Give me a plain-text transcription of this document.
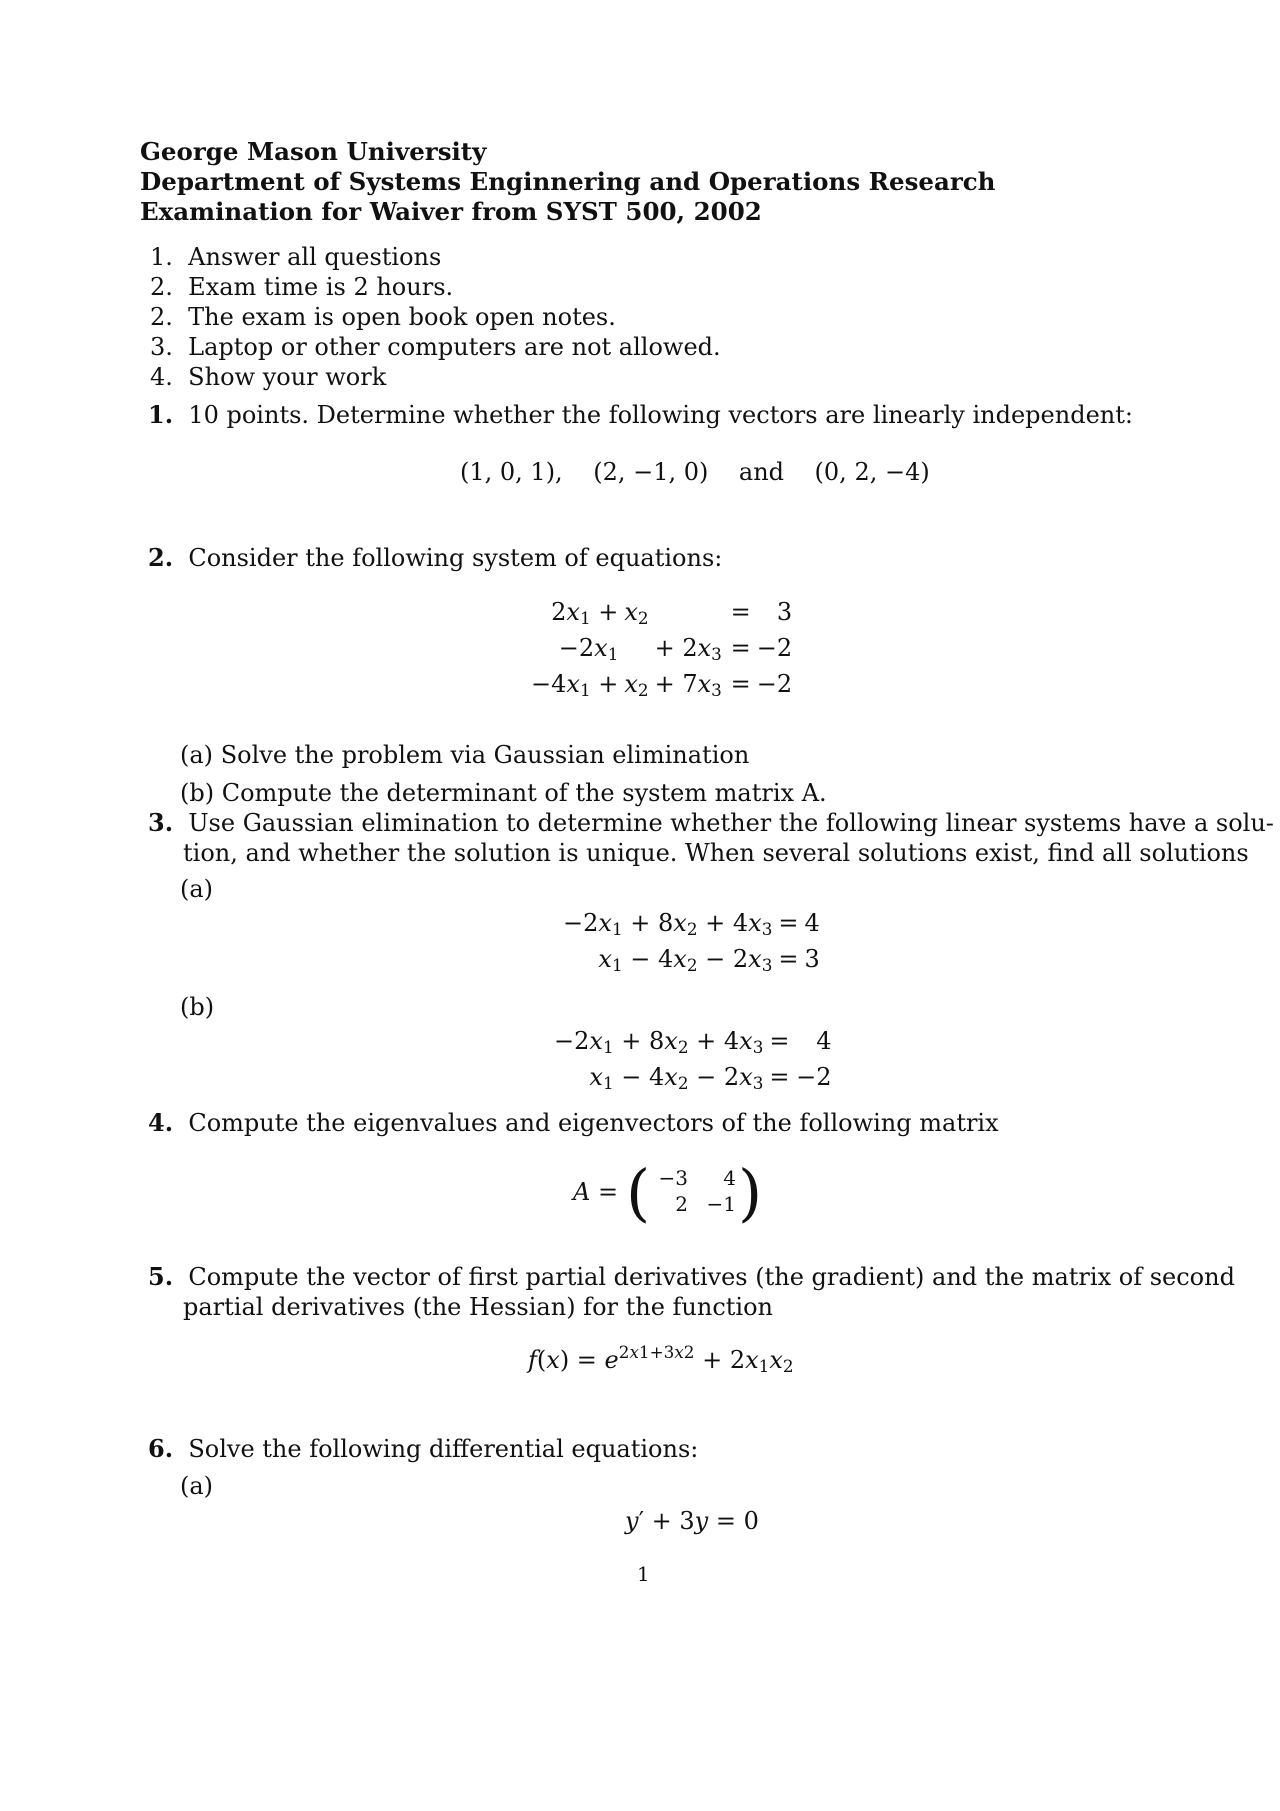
George Mason University
Department of Systems Enginnering and Operations Research
Examination for Waiver from SYST 500, 2002
1. Answer all questions
2. Exam time is 2 hours.
2. The exam is open book open notes.
3. Laptop or other computers are not allowed.
4. Show your work
1. 10 points. Determine whether the following vectors are linearly independent:
(1, 0, 1), (2, −1, 0) and (0, 2, −4)
2. Consider the following system of equations:
$2x_1$ +	$x_2$		=	3
$-2x_1$		+ $2x_3$	=	−2
$-4x_1$ +	$x_2$	+ $7x_3$	=	−2
(a) Solve the problem via Gaussian elimination
(b) Compute the determinant of the system matrix A.
3. Use Gaussian elimination to determine whether the following linear systems have a solu-
tion, and whether the solution is unique. When several solutions exist, find all solutions
(a)
$-2x_1 + 8x_2 + 4x_3$	=	4
$x_1 - 4x_2 - 2x_3$	=	3
(b)
$-2x_1 + 8x_2 + 4x_3$	=	4
$x_1 - 4x_2 - 2x_3$	=	−2
4. Compute the eigenvalues and eigenvectors of the following matrix
A = ( )
−3	4
2 −1
5. Compute the vector of first partial derivatives (the gradient) and the matrix of second
partial derivatives (the Hessian) for the function
$f(x) = e^{2x1+3x2} + 2x_1x_2$
6. Solve the following differential equations:
(a)
y′ + 3y = 0
1
